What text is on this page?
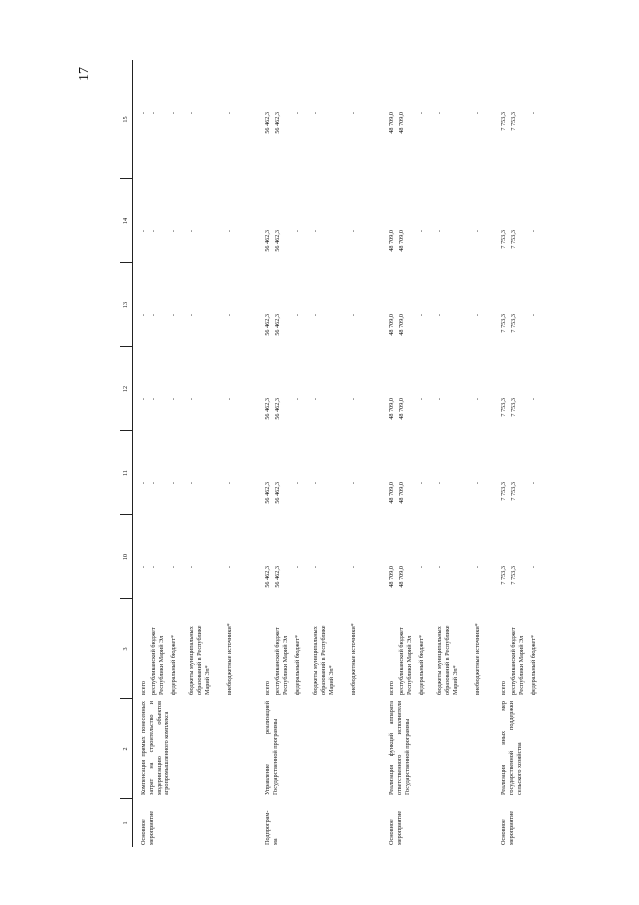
17
1
2
3
10
11
12
13
14
15
Основное
мероприятие
Компенсация прямых понесенных затрат на строительство и модернизацию объектов агропромышленного комплекса
всего
-
-
-
-
-
-
республиканский бюджет
Республики Марий Эл
-
-
-
-
-
-
федеральный бюджет*
-
-
-
-
-
-
бюджеты муниципальных
образований в Республике
Марий Эл*
-
-
-
-
-
-
внебюджетные источники*
-
-
-
-
-
-
Подпрограм-
ма
Управление реализацией Государственной программы
всего
56 462,3
56 462,3
56 462,3
56 462,3
56 462,3
56 462,3
республиканский бюджет
Республики Марий Эл
56 462,3
56 462,3
56 462,3
56 462,3
56 462,3
56 462,3
федеральный бюджет*
-
-
-
-
-
-
бюджеты муниципальных
образований в Республике
Марий Эл*
-
-
-
-
-
-
внебюджетные источники*
-
-
-
-
-
-
Основное
мероприятие
Реализация функций аппарата ответственного исполнителя Государственной программы
всего
48 709,0
48 709,0
48 709,0
48 709,0
48 709,0
48 709,0
республиканский бюджет
Республики Марий Эл
48 709,0
48 709,0
48 709,0
48 709,0
48 709,0
48 709,0
федеральный бюджет*
-
-
-
-
-
-
бюджеты муниципальных
образований в Республике
Марий Эл*
-
-
-
-
-
-
внебюджетные источники*
-
-
-
-
-
-
Основное
мероприятие
Реализация иных мер государственной поддержки сельского хозяйства
всего
7 753,3
7 753,3
7 753,3
7 753,3
7 753,3
7 753,3
республиканский бюджет
Республики Марий Эл
7 753,3
7 753,3
7 753,3
7 753,3
7 753,3
7 753,3
федеральный бюджет*
-
-
-
-
-
-
